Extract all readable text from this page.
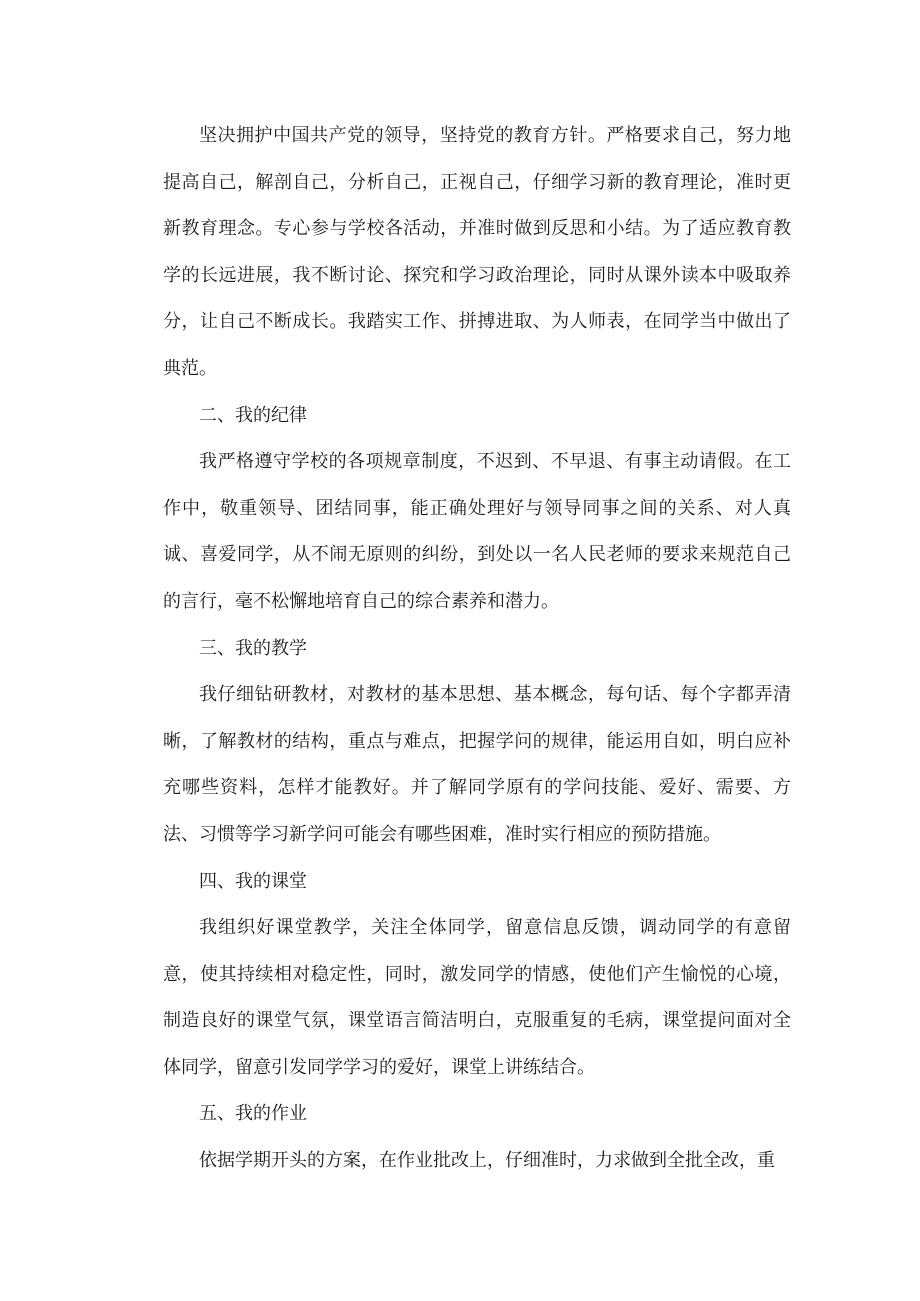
坚决拥护中国共产党的领导，坚持党的教育方针。严格要求自己，努力地提高自己，解剖自己，分析自己，正视自己，仔细学习新的教育理论，准时更新教育理念。专心参与学校各活动，并准时做到反思和小结。为了适应教育教学的长远进展，我不断讨论、探究和学习政治理论，同时从课外读本中吸取养分，让自己不断成长。我踏实工作、拼搏进取、为人师表，在同学当中做出了典范。

二、我的纪律

我严格遵守学校的各项规章制度，不迟到、不早退、有事主动请假。在工作中，敬重领导、团结同事，能正确处理好与领导同事之间的关系、对人真诚、喜爱同学，从不闹无原则的纠纷，到处以一名人民老师的要求来规范自己的言行，毫不松懈地培育自己的综合素养和潜力。

三、我的教学

我仔细钻研教材，对教材的基本思想、基本概念，每句话、每个字都弄清晰，了解教材的结构，重点与难点，把握学问的规律，能运用自如，明白应补充哪些资料，怎样才能教好。并了解同学原有的学问技能、爱好、需要、方法、习惯等学习新学问可能会有哪些困难，准时实行相应的预防措施。

四、我的课堂

我组织好课堂教学，关注全体同学，留意信息反馈，调动同学的有意留意，使其持续相对稳定性，同时，激发同学的情感，使他们产生愉悦的心境，制造良好的课堂气氛，课堂语言简洁明白，克服重复的毛病，课堂提问面对全体同学，留意引发同学学习的爱好，课堂上讲练结合。

五、我的作业

依据学期开头的方案，在作业批改上，仔细准时，力求做到全批全改，重
